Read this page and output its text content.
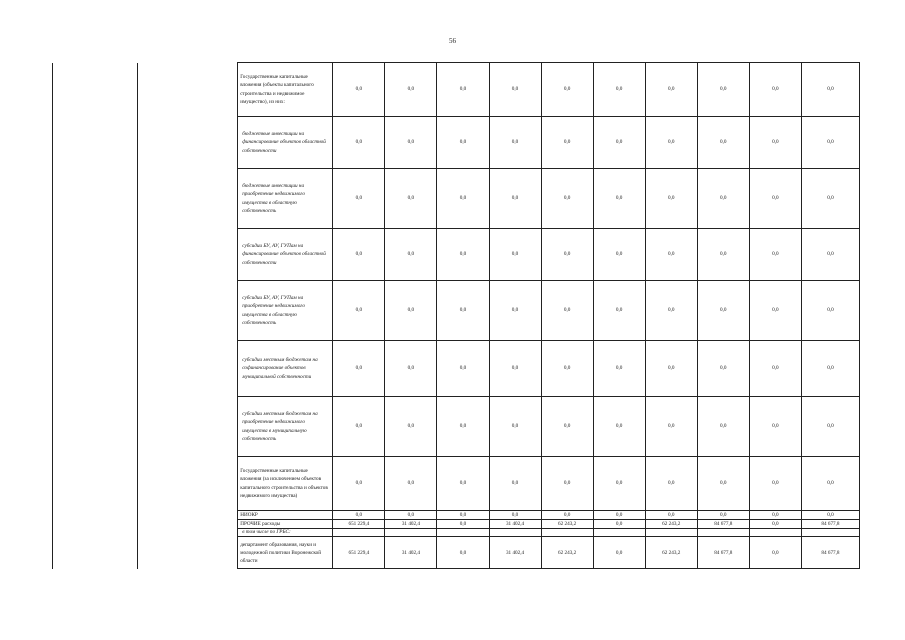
56
		Государственные капитальные вложения (объекты капитального строительства и недвижимое имущество), из них:	0,0	0,0	0,0	0,0	0,0	0,0	0,0	0,0	0,0	0,0
		бюджетные инвестиции на финансирование объектов областной собственности	0,0	0,0	0,0	0,0	0,0	0,0	0,0	0,0	0,0	0,0
		бюджетные инвестиции на приобретение недвижимого имущества в областную собственность	0,0	0,0	0,0	0,0	0,0	0,0	0,0	0,0	0,0	0,0
		субсидии БУ, АУ, ГУПам на финансирование объектов областной собственности	0,0	0,0	0,0	0,0	0,0	0,0	0,0	0,0	0,0	0,0
		субсидии БУ, АУ, ГУПам на приобретение недвижимого имущества в областную собственность	0,0	0,0	0,0	0,0	0,0	0,0	0,0	0,0	0,0	0,0
		субсидии местным бюджетам на софинансирование объектов муниципальной собственности	0,0	0,0	0,0	0,0	0,0	0,0	0,0	0,0	0,0	0,0
		субсидии местным бюджетам на приобретение недвижимого имущества в муниципальную собственность	0,0	0,0	0,0	0,0	0,0	0,0	0,0	0,0	0,0	0,0
		Государственные капитальные вложения (за исключением объектов капитального строительства и объектов недвижимого имущества)	0,0	0,0	0,0	0,0	0,0	0,0	0,0	0,0	0,0	0,0
		НИОКР	0,0	0,0	0,0	0,0	0,0	0,0	0,0	0,0	0,0	0,0
		ПРОЧИЕ расходы	651 229,4	31 402,4	0,0	31 402,4	62 243,2	0,0	62 243,2	84 677,8	0,0	84 677,8
		в том числе по ГРБС:										
		департамент образования, науки и молодежной политики Воронежской области	651 229,4	31 402,4	0,0	31 402,4	62 243,2	0,0	62 243,2	84 677,8	0,0	84 677,8
